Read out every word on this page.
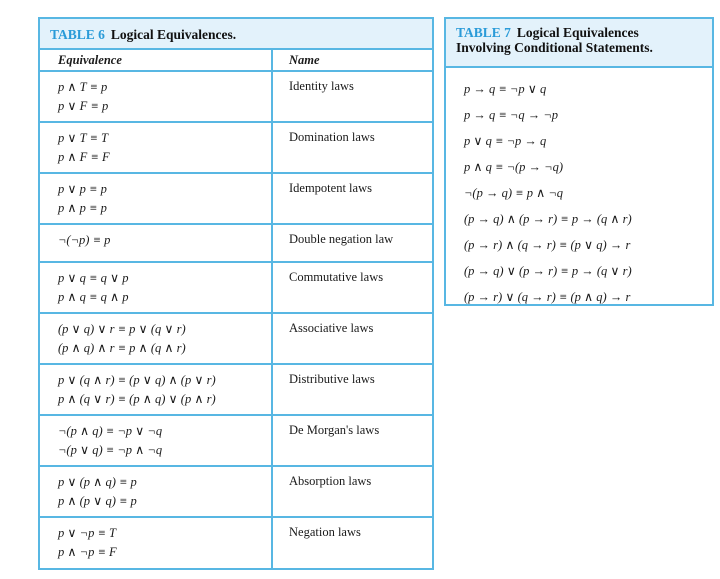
TABLE 6 Logical Equivalences.
Equivalence	Name
p ∧ T ≡ p
p ∨ F ≡ p
Identity laws
p ∨ T ≡ T
p ∧ F ≡ F
Domination laws
p ∨ p ≡ p
p ∧ p ≡ p
Idempotent laws
¬(¬p) ≡ p	Double negation law
p ∨ q ≡ q ∨ p
p ∧ q ≡ q ∧ p
Commutative laws
(p ∨ q) ∨ r ≡ p ∨ (q ∨ r)
(p ∧ q) ∧ r ≡ p ∧ (q ∧ r)
Associative laws
p ∨ (q ∧ r) ≡ (p ∨ q) ∧ (p ∨ r)
p ∧ (q ∨ r) ≡ (p ∧ q) ∨ (p ∧ r)
Distributive laws
¬(p ∧ q) ≡ ¬p ∨ ¬q
¬(p ∨ q) ≡ ¬p ∧ ¬q
De Morgan's laws
p ∨ (p ∧ q) ≡ p
p ∧ (p ∨ q) ≡ p
Absorption laws
p ∨ ¬p ≡ T
p ∧ ¬p ≡ F
Negation laws
TABLE 7 Logical Equivalences
Involving Conditional Statements.
p → q ≡ ¬p ∨ q
p → q ≡ ¬q → ¬p
p ∨ q ≡ ¬p → q
p ∧ q ≡ ¬(p → ¬q)
¬(p → q) ≡ p ∧ ¬q
(p → q) ∧ (p → r) ≡ p → (q ∧ r)
(p → r) ∧ (q → r) ≡ (p ∨ q) → r
(p → q) ∨ (p → r) ≡ p → (q ∨ r)
(p → r) ∨ (q → r) ≡ (p ∧ q) → r
